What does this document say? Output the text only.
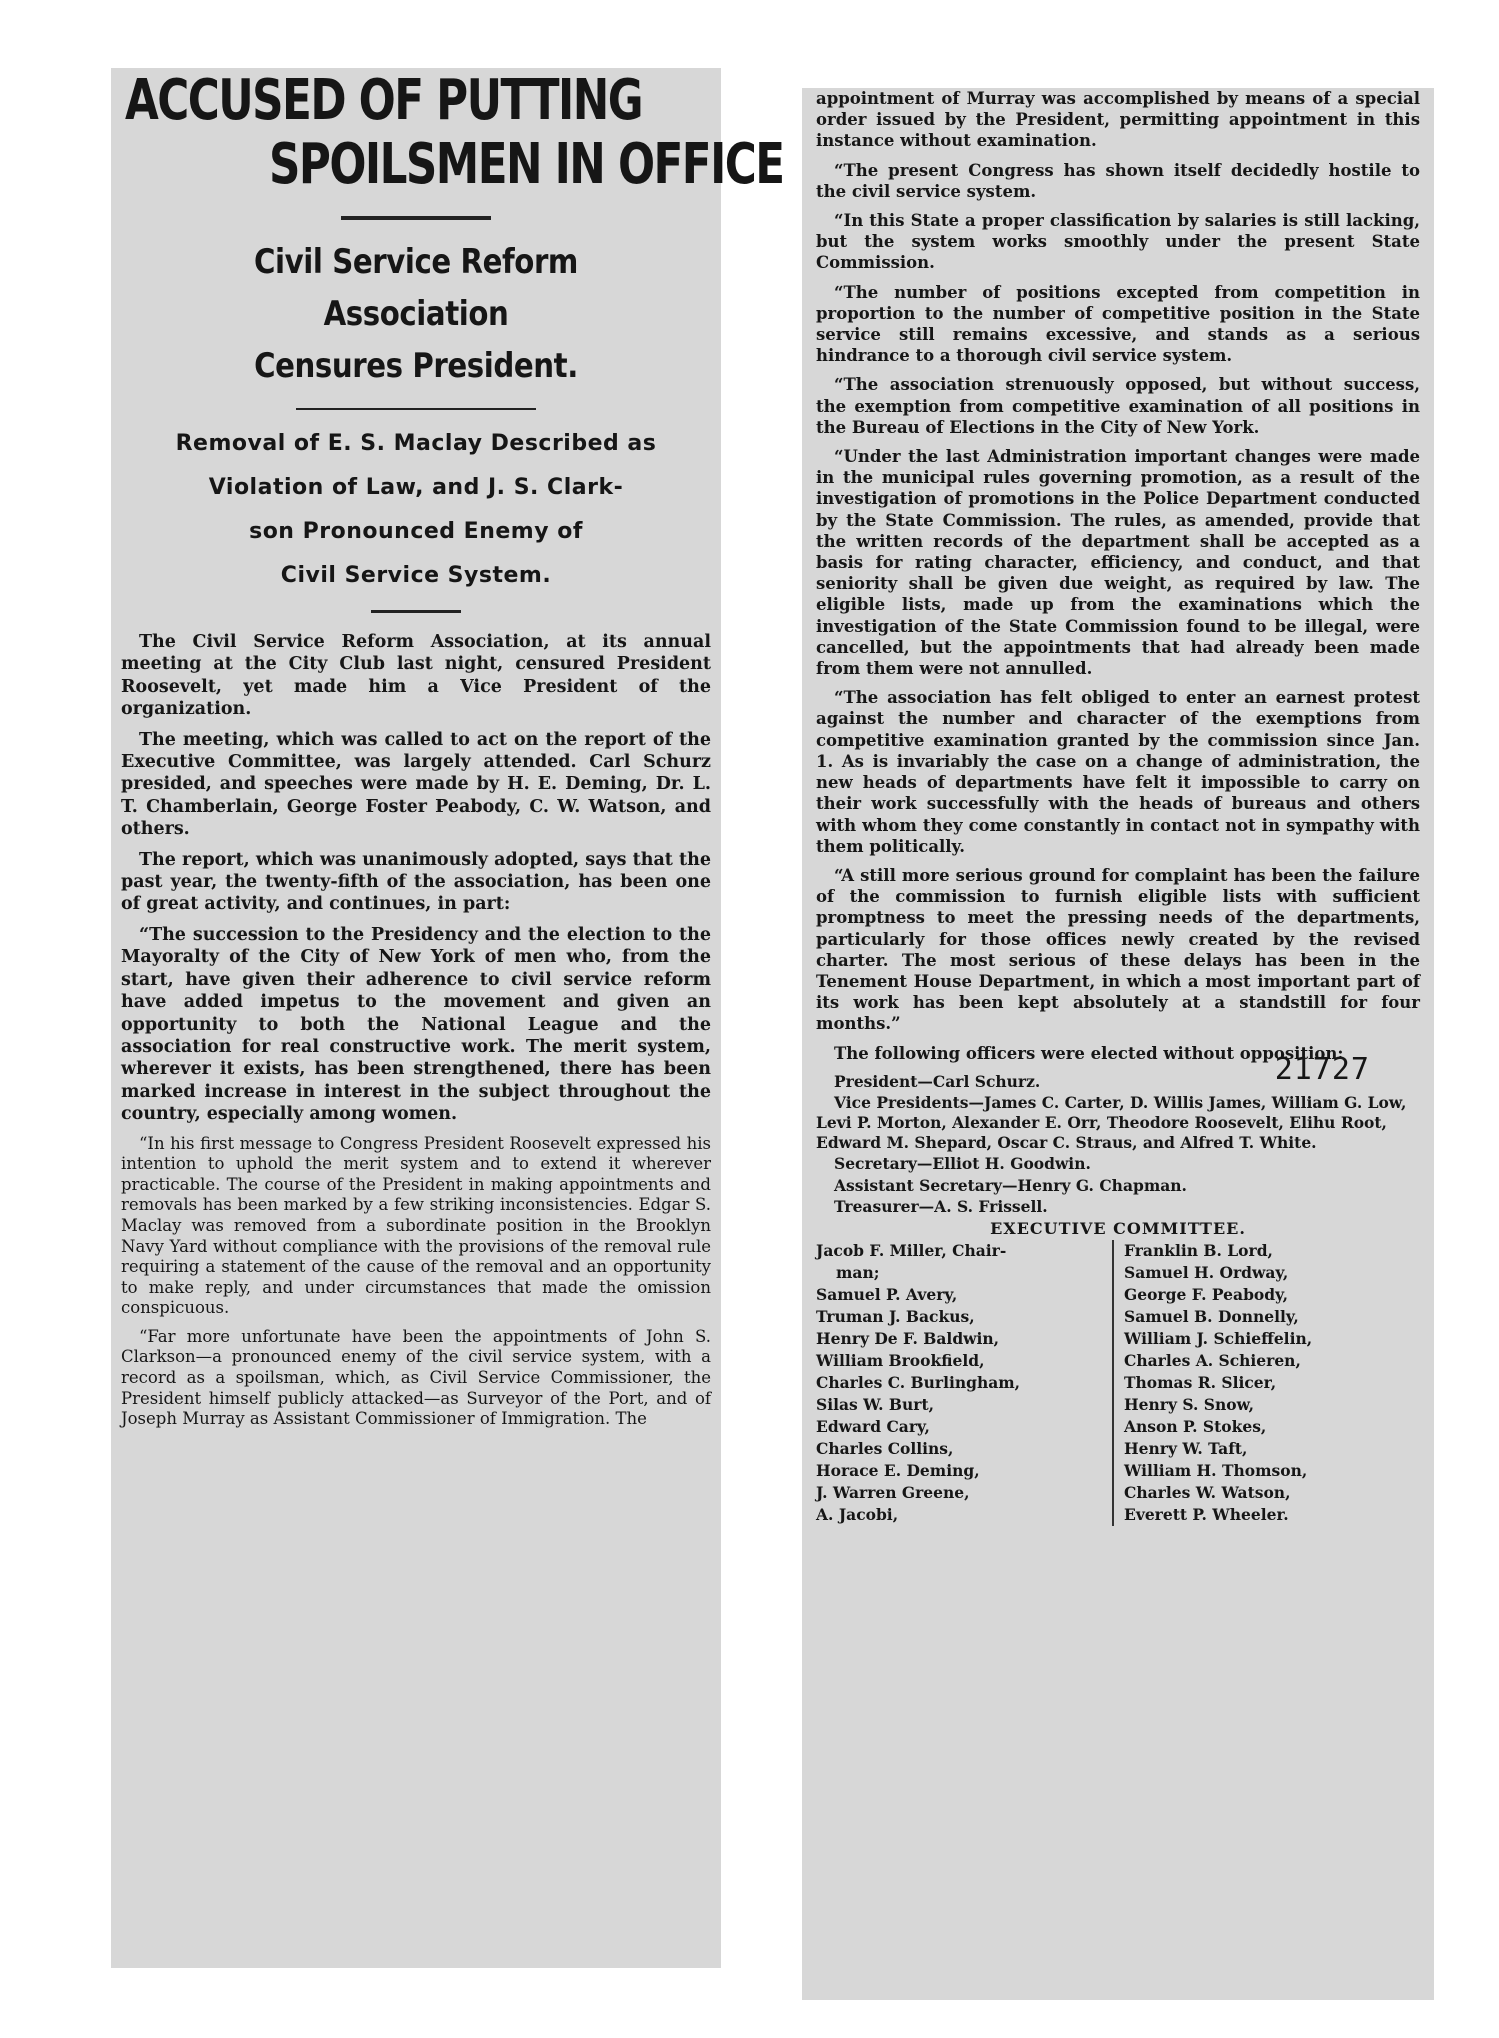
ACCUSED OF PUTTING
SPOILSMEN IN OFFICE
Civil Service Reform Association
Censures President.
Removal of E. S. Maclay Described as
Violation of Law, and J. S. Clark-
son Pronounced Enemy of
Civil Service System.

The Civil Service Reform Association, at its annual meeting at the City Club last night, censured President Roosevelt, yet made him a Vice President of the organization.

The meeting, which was called to act on the report of the Executive Committee, was largely attended. Carl Schurz presided, and speeches were made by H. E. Deming, Dr. L. T. Chamberlain, George Foster Peabody, C. W. Watson, and others.

The report, which was unanimously adopted, says that the past year, the twenty-fifth of the association, has been one of great activity, and continues, in part:

“The succession to the Presidency and the election to the Mayoralty of the City of New York of men who, from the start, have given their adherence to civil service reform have added impetus to the movement and given an opportunity to both the National League and the association for real constructive work. The merit system, wherever it exists, has been strengthened, there has been marked increase in interest in the subject throughout the country, especially among women.

“In his first message to Congress President Roosevelt expressed his intention to uphold the merit system and to extend it wherever practicable. The course of the President in making appointments and removals has been marked by a few striking inconsistencies. Edgar S. Maclay was removed from a subordinate position in the Brooklyn Navy Yard without compliance with the provisions of the removal rule requiring a statement of the cause of the removal and an opportunity to make reply, and under circumstances that made the omission conspicuous.

“Far more unfortunate have been the appointments of John S. Clarkson—a pronounced enemy of the civil service system, with a record as a spoilsman, which, as Civil Service Commissioner, the President himself publicly attacked—as Surveyor of the Port, and of Joseph Murray as Assistant Commissioner of Immigration. The

appointment of Murray was accomplished by means of a special order issued by the President, permitting appointment in this instance without examination.

“The present Congress has shown itself decidedly hostile to the civil service system.

“In this State a proper classification by salaries is still lacking, but the system works smoothly under the present State Commission.

“The number of positions excepted from competition in proportion to the number of competitive position in the State service still remains excessive, and stands as a serious hindrance to a thorough civil service system.

“The association strenuously opposed, but without success, the exemption from competitive examination of all positions in the Bureau of Elections in the City of New York.

“Under the last Administration important changes were made in the municipal rules governing promotion, as a result of the investigation of promotions in the Police Department conducted by the State Commission. The rules, as amended, provide that the written records of the department shall be accepted as a basis for rating character, efficiency, and conduct, and that seniority shall be given due weight, as required by law. The eligible lists, made up from the examinations which the investigation of the State Commission found to be illegal, were cancelled, but the appointments that had already been made from them were not annulled.

“The association has felt obliged to enter an earnest protest against the number and character of the exemptions from competitive examination granted by the commission since Jan. 1. As is invariably the case on a change of administration, the new heads of departments have felt it impossible to carry on their work successfully with the heads of bureaus and others with whom they come constantly in contact not in sympathy with them politically.

“A still more serious ground for complaint has been the failure of the commission to furnish eligible lists with sufficient promptness to meet the pressing needs of the departments, particularly for those offices newly created by the revised charter. The most serious of these delays has been in the Tenement House Department, in which a most important part of its work has been kept absolutely at a standstill for four months.”

The following officers were elected without opposition:

21727
President—Carl Schurz.
Vice Presidents—James C. Carter, D. Willis James, William G. Low, Levi P. Morton, Alexander E. Orr, Theodore Roosevelt, Elihu Root, Edward M. Shepard, Oscar C. Straus, and Alfred T. White.
Secretary—Elliot H. Goodwin.
Assistant Secretary—Henry G. Chapman.
Treasurer—A. S. Frissell.
EXECUTIVE COMMITTEE.
Jacob F. Miller, Chair-
man;
Samuel P. Avery,
Truman J. Backus,
Henry De F. Baldwin,
William Brookfield,
Charles C. Burlingham,
Silas W. Burt,
Edward Cary,
Charles Collins,
Horace E. Deming,
J. Warren Greene,
A. Jacobi,
Franklin B. Lord,
Samuel H. Ordway,
George F. Peabody,
Samuel B. Donnelly,
William J. Schieffelin,
Charles A. Schieren,
Thomas R. Slicer,
Henry S. Snow,
Anson P. Stokes,
Henry W. Taft,
William H. Thomson,
Charles W. Watson,
Everett P. Wheeler.
